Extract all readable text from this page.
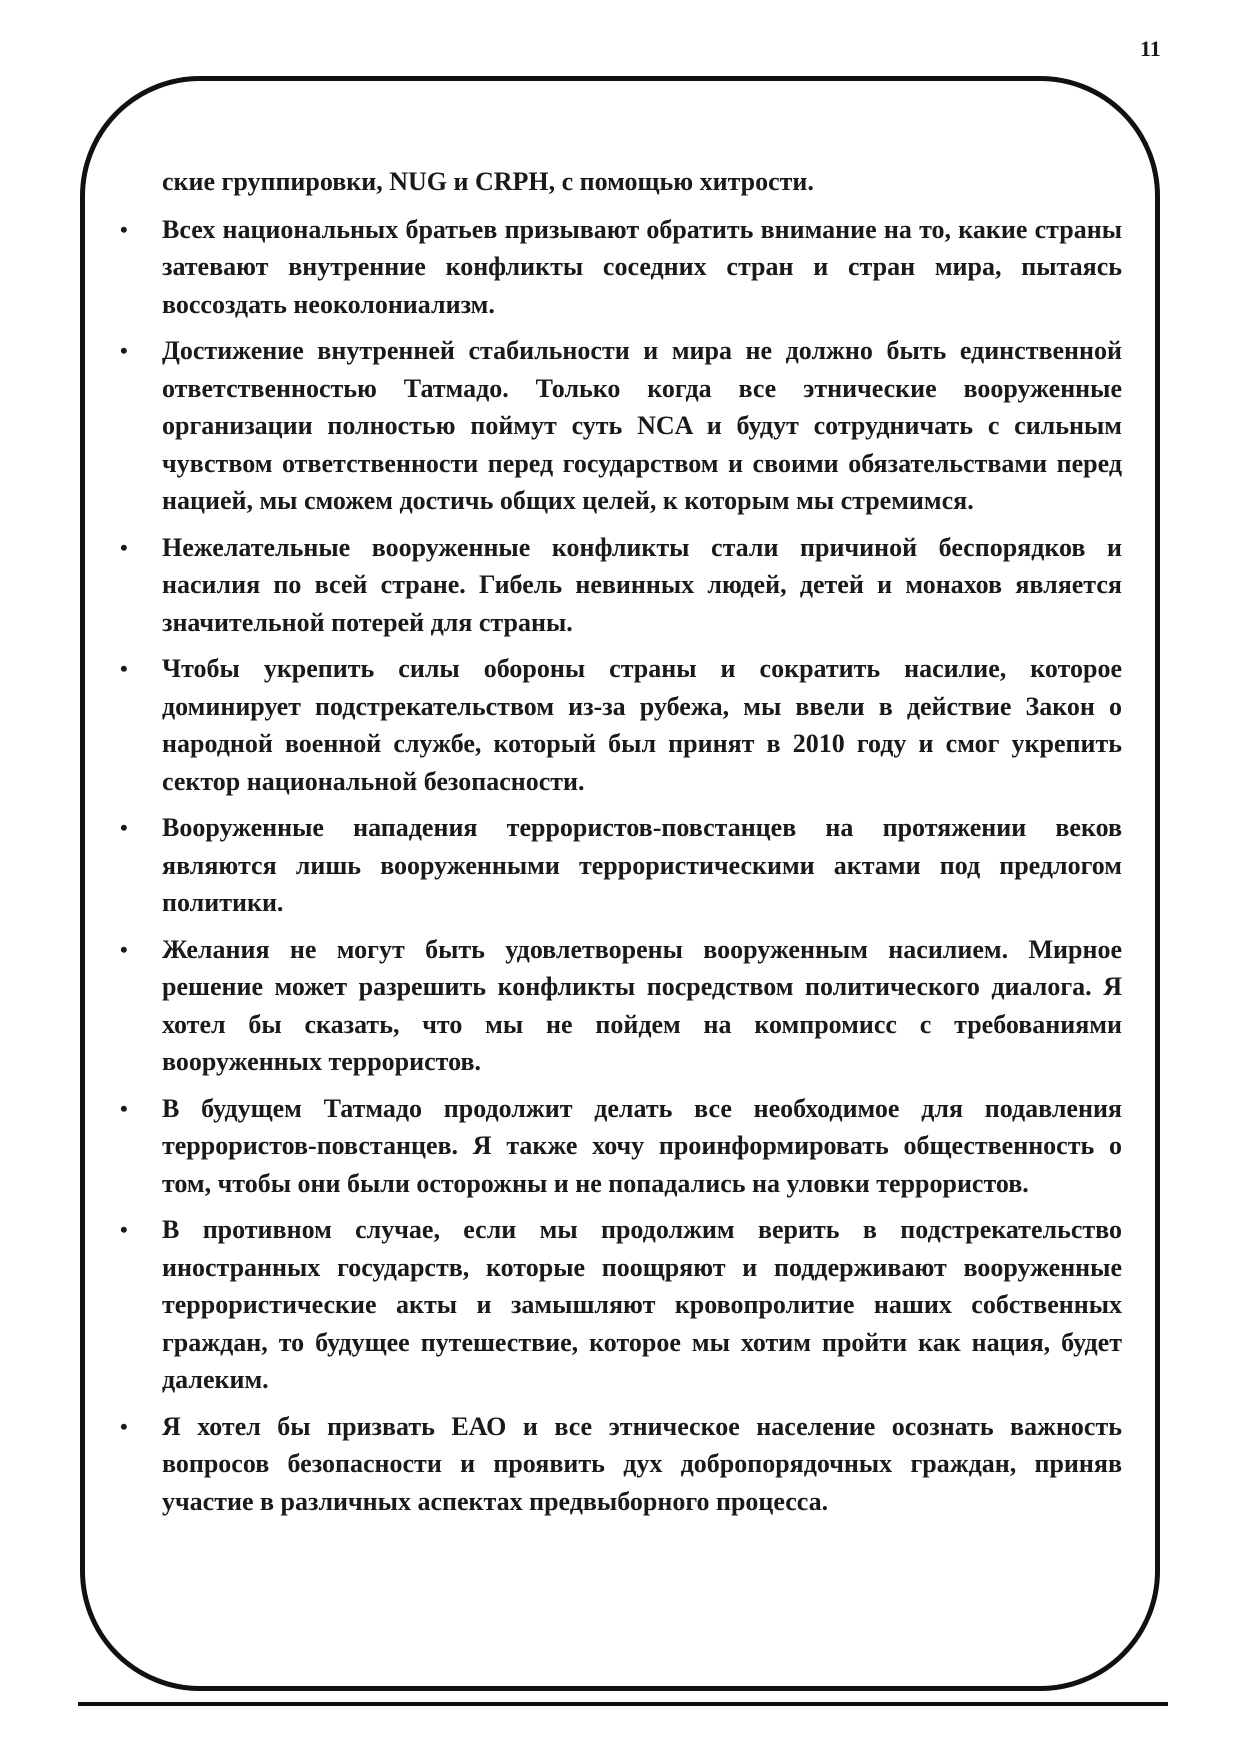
11

ские группировки, NUG и CRPH, с помощью хитрости.

• Всех национальных братьев призывают обратить внимание на то, какие страны затевают внутренние конфликты соседних стран и стран мира, пытаясь воссоздать неоколониализм.
• Достижение внутренней стабильности и мира не должно быть единственной ответственностью Татмадо. Только когда все этнические вооруженные организации полностью поймут суть NCA и будут сотрудничать с сильным чувством ответственности перед государством и своими обязательствами перед нацией, мы сможем достичь общих целей, к которым мы стремимся.
• Нежелательные вооруженные конфликты стали причиной беспорядков и насилия по всей стране. Гибель невинных людей, детей и монахов является значительной потерей для страны.
• Чтобы укрепить силы обороны страны и сократить насилие, которое доминирует подстрекательством из-за рубежа, мы ввели в действие Закон о народной военной службе, который был принят в 2010 году и смог укрепить сектор национальной безопасности.
• Вооруженные нападения террористов-повстанцев на протяжении веков являются лишь вооруженными террористическими актами под предлогом политики.
• Желания не могут быть удовлетворены вооруженным насилием. Мирное решение может разрешить конфликты посредством политического диалога. Я хотел бы сказать, что мы не пойдем на компромисс с требованиями вооруженных террористов.
• В будущем Татмадо продолжит делать все необходимое для подавления террористов-повстанцев. Я также хочу проинформировать общественность о том, чтобы они были осторожны и не попадались на уловки террористов.
• В противном случае, если мы продолжим верить в подстрекательство иностранных государств, которые поощряют и поддерживают вооруженные террористические акты и замышляют кровопролитие наших собственных граждан, то будущее путешествие, которое мы хотим пройти как нация, будет далеким.
• Я хотел бы призвать ЕАО и все этническое население осознать важность вопросов безопасности и проявить дух добропорядочных граждан, приняв участие в различных аспектах предвыборного процесса.
